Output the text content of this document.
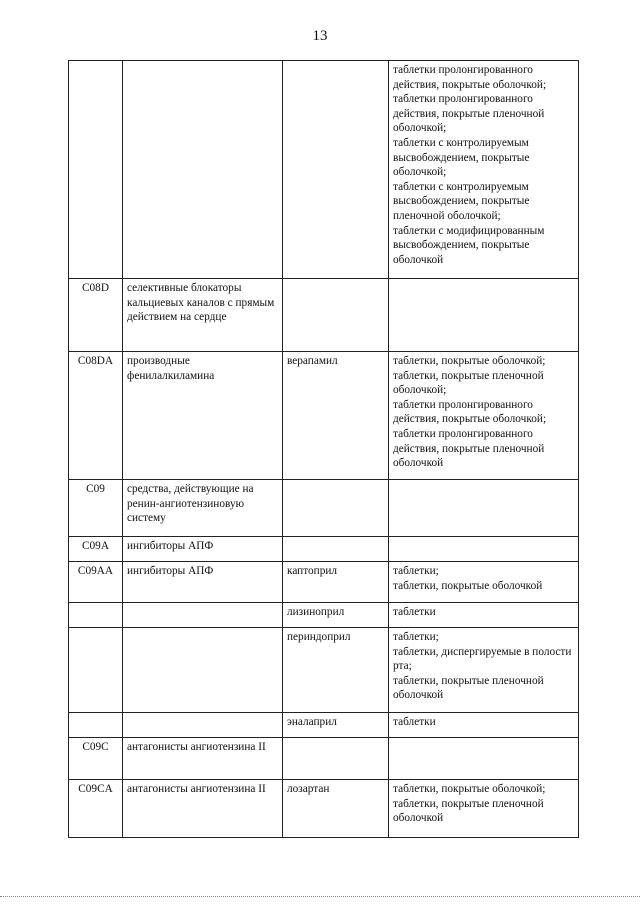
13
			таблетки пролонгированного действия, покрытые оболочкой;
таблетки пролонгированного действия, покрытые пленочной оболочкой;
таблетки с контролируемым высвобождением, покрытые оболочкой;
таблетки с контролируемым высвобождением, покрытые пленочной оболочкой;
таблетки с модифицированным высвобождением, покрытые оболочкой
C08D	селективные блокаторы кальциевых каналов с прямым действием на сердце		
C08DA	производные фенилалкиламина	верапамил	таблетки, покрытые оболочкой;
таблетки, покрытые пленочной оболочкой;
таблетки пролонгированного действия, покрытые оболочкой;
таблетки пролонгированного действия, покрытые пленочной оболочкой
C09	средства, действующие на ренин-ангиотензиновую систему		
C09A	ингибиторы АПФ		
C09AA	ингибиторы АПФ	каптоприл	таблетки;
таблетки, покрытые оболочкой
		лизиноприл	таблетки
		периндоприл	таблетки;
таблетки, диспергируемые в полости рта;
таблетки, покрытые пленочной оболочкой
		эналаприл	таблетки
C09C	антагонисты ангиотензина II		
C09CA	антагонисты ангиотензина II	лозартан	таблетки, покрытые оболочкой;
таблетки, покрытые пленочной оболочкой
